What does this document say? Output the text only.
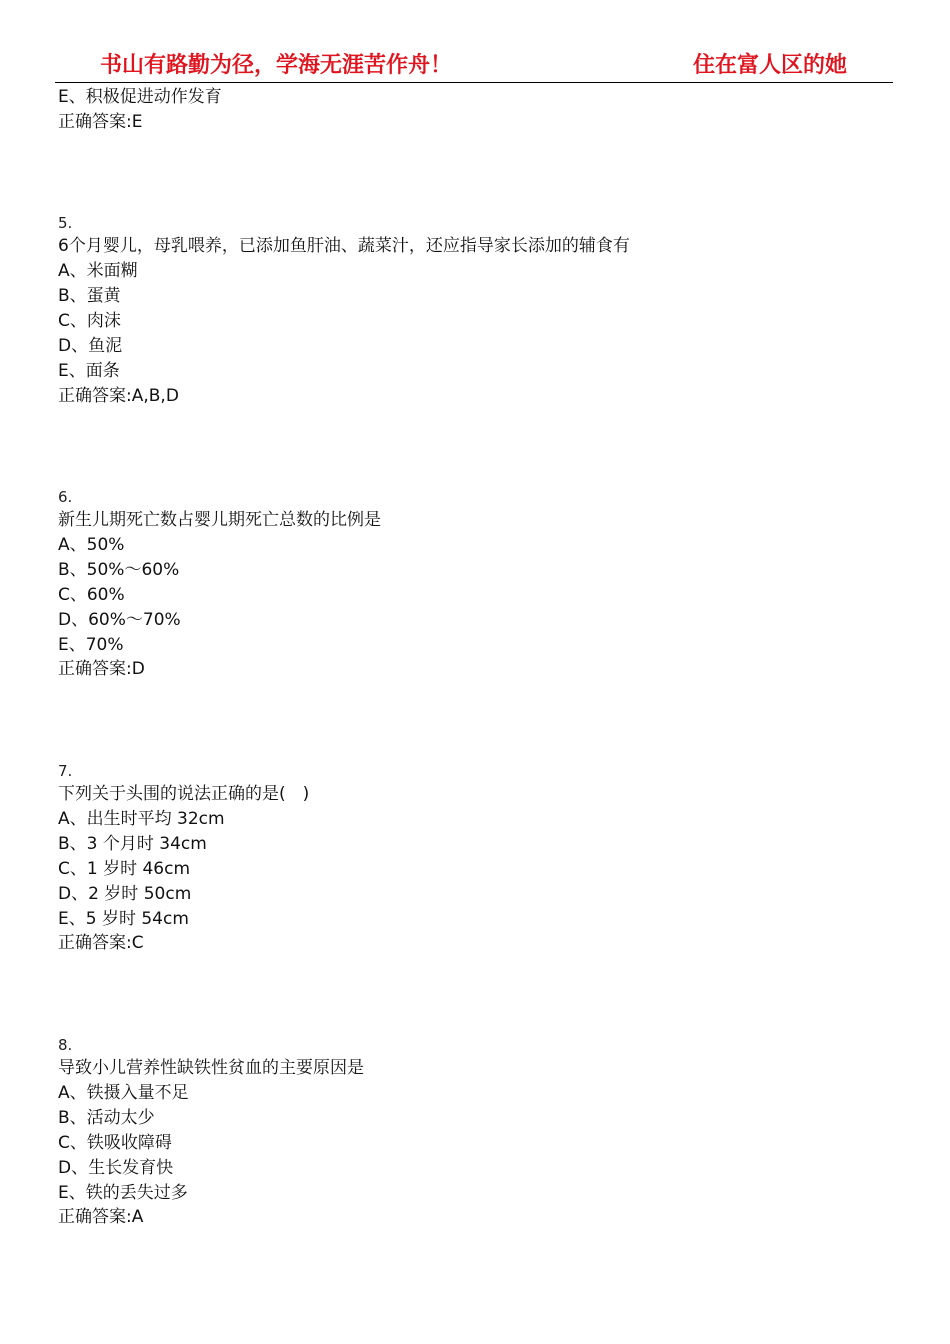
书山有路勤为径，学海无涯苦作舟！	住在富人区的她
E、积极促进动作发育
正确答案:E
5.
6个月婴儿，母乳喂养，已添加鱼肝油、蔬菜汁，还应指导家长添加的辅食有
A、米面糊
B、蛋黄
C、肉沫
D、鱼泥
E、面条
正确答案:A,B,D
6.
新生儿期死亡数占婴儿期死亡总数的比例是
A、50%
B、50%～60%
C、60%
D、60%～70%
E、70%
正确答案:D
7.
下列关于头围的说法正确的是(　)
A、出生时平均 32cm
B、3 个月时 34cm
C、1 岁时 46cm
D、2 岁时 50cm
E、5 岁时 54cm
正确答案:C
8.
导致小儿营养性缺铁性贫血的主要原因是
A、铁摄入量不足
B、活动太少
C、铁吸收障碍
D、生长发育快
E、铁的丢失过多
正确答案:A
